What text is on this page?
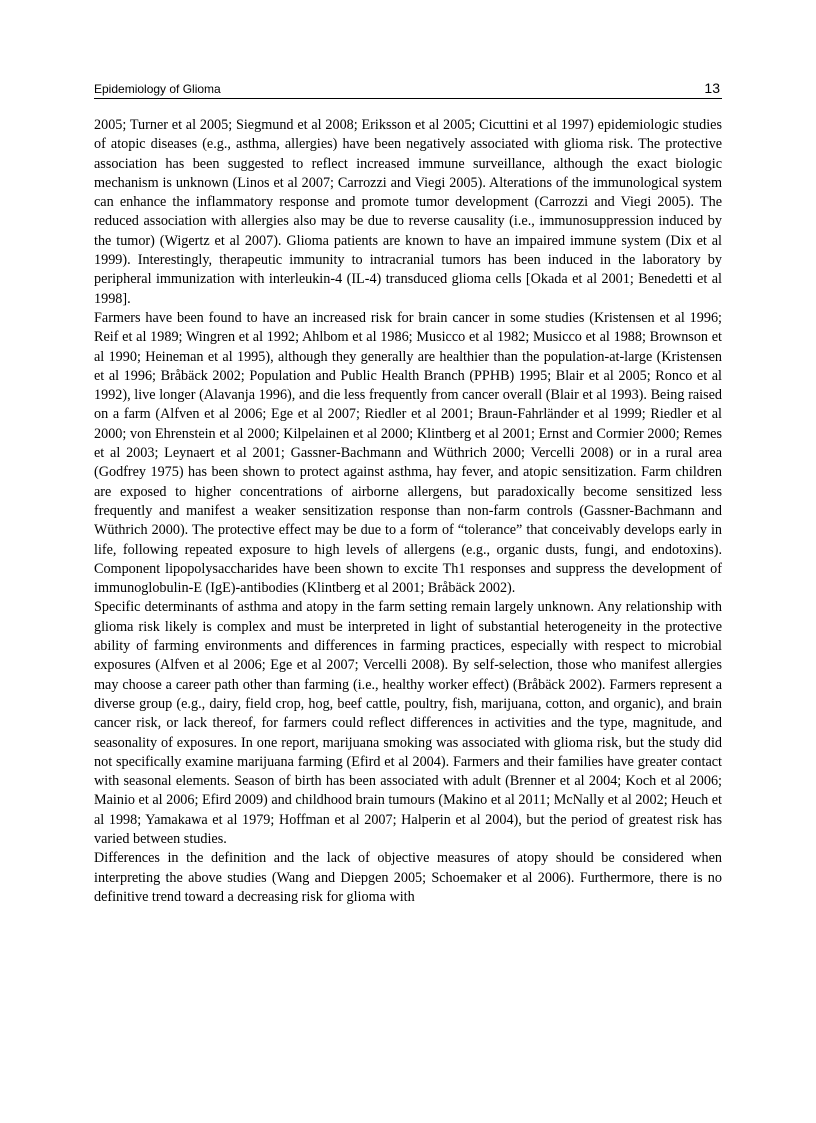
Epidemiology of Glioma	13

2005; Turner et al 2005; Siegmund et al 2008; Eriksson et al 2005; Cicuttini et al 1997) epidemiologic studies of atopic diseases (e.g., asthma, allergies) have been negatively associated with glioma risk. The protective association has been suggested to reflect increased immune surveillance, although the exact biologic mechanism is unknown (Linos et al 2007; Carrozzi and Viegi 2005). Alterations of the immunological system can enhance the inflammatory response and promote tumor development (Carrozzi and Viegi 2005). The reduced association with allergies also may be due to reverse causality (i.e., immunosuppression induced by the tumor) (Wigertz et al 2007). Glioma patients are known to have an impaired immune system (Dix et al 1999). Interestingly, therapeutic immunity to intracranial tumors has been induced in the laboratory by peripheral immunization with interleukin-4 (IL-4) transduced glioma cells [Okada et al 2001; Benedetti et al 1998].

Farmers have been found to have an increased risk for brain cancer in some studies (Kristensen et al 1996; Reif et al 1989; Wingren et al 1992; Ahlbom et al 1986; Musicco et al 1982; Musicco et al 1988; Brownson et al 1990; Heineman et al 1995), although they generally are healthier than the population-at-large (Kristensen et al 1996; Bråbäck 2002; Population and Public Health Branch (PPHB) 1995; Blair et al 2005; Ronco et al 1992), live longer (Alavanja 1996), and die less frequently from cancer overall (Blair et al 1993). Being raised on a farm (Alfven et al 2006; Ege et al 2007; Riedler et al 2001; Braun-Fahrländer et al 1999; Riedler et al 2000; von Ehrenstein et al 2000; Kilpelainen et al 2000; Klintberg et al 2001; Ernst and Cormier 2000; Remes et al 2003; Leynaert et al 2001; Gassner-Bachmann and Wüthrich 2000; Vercelli 2008) or in a rural area (Godfrey 1975) has been shown to protect against asthma, hay fever, and atopic sensitization. Farm children are exposed to higher concentrations of airborne allergens, but paradoxically become sensitized less frequently and manifest a weaker sensitization response than non-farm controls (Gassner-Bachmann and Wüthrich 2000). The protective effect may be due to a form of “tolerance” that conceivably develops early in life, following repeated exposure to high levels of allergens (e.g., organic dusts, fungi, and endotoxins). Component lipopolysaccharides have been shown to excite Th1 responses and suppress the development of immunoglobulin-E (IgE)-antibodies (Klintberg et al 2001; Bråbäck 2002).

Specific determinants of asthma and atopy in the farm setting remain largely unknown. Any relationship with glioma risk likely is complex and must be interpreted in light of substantial heterogeneity in the protective ability of farming environments and differences in farming practices, especially with respect to microbial exposures (Alfven et al 2006; Ege et al 2007; Vercelli 2008). By self-selection, those who manifest allergies may choose a career path other than farming (i.e., healthy worker effect) (Bråbäck 2002). Farmers represent a diverse group (e.g., dairy, field crop, hog, beef cattle, poultry, fish, marijuana, cotton, and organic), and brain cancer risk, or lack thereof, for farmers could reflect differences in activities and the type, magnitude, and seasonality of exposures. In one report, marijuana smoking was associated with glioma risk, but the study did not specifically examine marijuana farming (Efird et al 2004). Farmers and their families have greater contact with seasonal elements. Season of birth has been associated with adult (Brenner et al 2004; Koch et al 2006; Mainio et al 2006; Efird 2009) and childhood brain tumours (Makino et al 2011; McNally et al 2002; Heuch et al 1998; Yamakawa et al 1979; Hoffman et al 2007; Halperin et al 2004), but the period of greatest risk has varied between studies.

Differences in the definition and the lack of objective measures of atopy should be considered when interpreting the above studies (Wang and Diepgen 2005; Schoemaker et al 2006). Furthermore, there is no definitive trend toward a decreasing risk for glioma with
